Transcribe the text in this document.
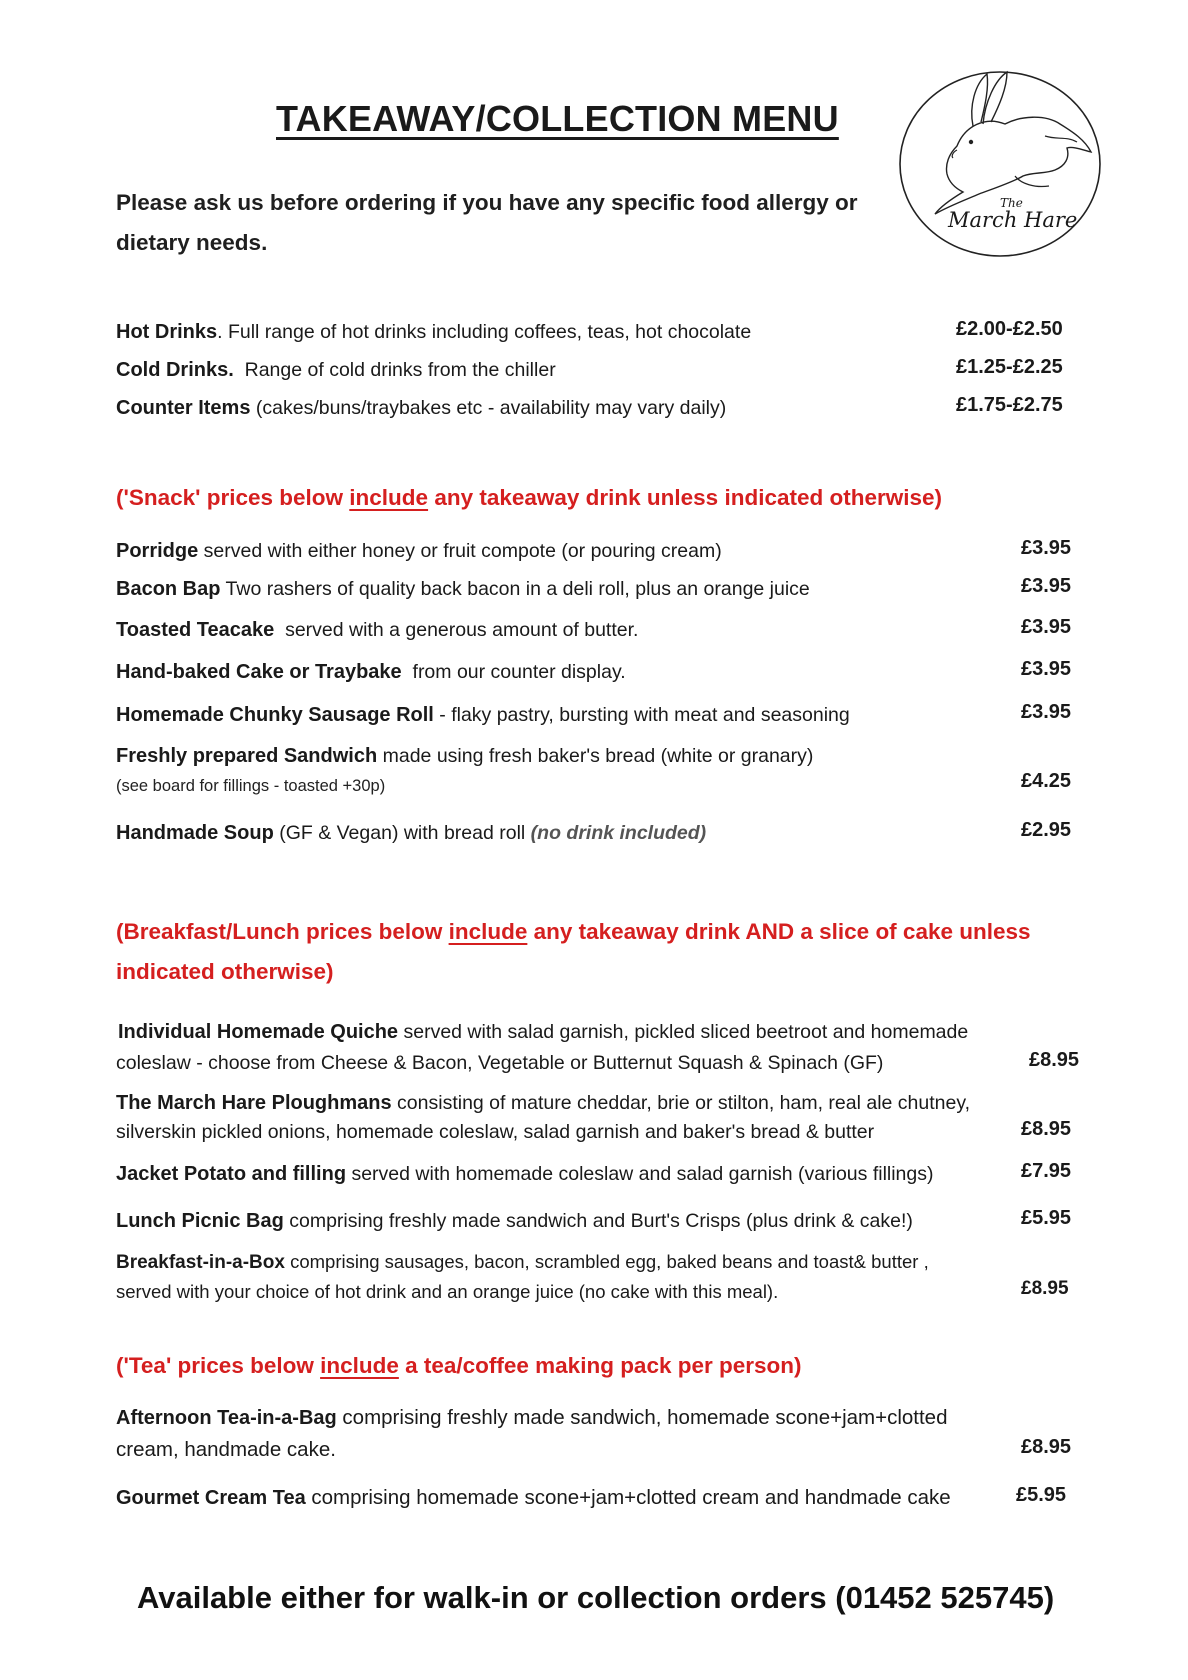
TAKEAWAY/COLLECTION MENU
Please ask us before ordering if you have any specific food allergy or dietary needs.
The
March Hare
Hot Drinks. Full range of hot drinks including coffees, teas, hot chocolate	£2.00-£2.50
Cold Drinks.  Range of cold drinks from the chiller	£1.25-£2.25
Counter Items (cakes/buns/traybakes etc - availability may vary daily)	£1.75-£2.75
('Snack' prices below include any takeaway drink unless indicated otherwise)
Porridge served with either honey or fruit compote (or pouring cream)	£3.95
Bacon Bap Two rashers of quality back bacon in a deli roll, plus an orange juice	£3.95
Toasted Teacake  served with a generous amount of butter.	£3.95
Hand-baked Cake or Traybake  from our counter display.	£3.95
Homemade Chunky Sausage Roll - flaky pastry, bursting with meat and seasoning	£3.95
Freshly prepared Sandwich made using fresh baker's bread (white or granary)
(see board for fillings - toasted +30p)	£4.25
Handmade Soup (GF & Vegan) with bread roll (no drink included)	£2.95
(Breakfast/Lunch prices below include any takeaway drink AND a slice of cake unless
indicated otherwise)
Individual Homemade Quiche served with salad garnish, pickled sliced beetroot and homemade
coleslaw - choose from Cheese & Bacon, Vegetable or Butternut Squash & Spinach (GF)	£8.95
The March Hare Ploughmans consisting of mature cheddar, brie or stilton, ham, real ale chutney,
silverskin pickled onions, homemade coleslaw, salad garnish and baker's bread & butter	£8.95
Jacket Potato and filling served with homemade coleslaw and salad garnish (various fillings)	£7.95
Lunch Picnic Bag comprising freshly made sandwich and Burt's Crisps (plus drink & cake!)	£5.95
Breakfast-in-a-Box comprising sausages, bacon, scrambled egg, baked beans and toast& butter ,
served with your choice of hot drink and an orange juice (no cake with this meal).	£8.95
('Tea' prices below include a tea/coffee making pack per person)
Afternoon Tea-in-a-Bag comprising freshly made sandwich, homemade scone+jam+clotted
cream, handmade cake.	£8.95
Gourmet Cream Tea comprising homemade scone+jam+clotted cream and handmade cake	£5.95
Available either for walk-in or collection orders (01452 525745)
